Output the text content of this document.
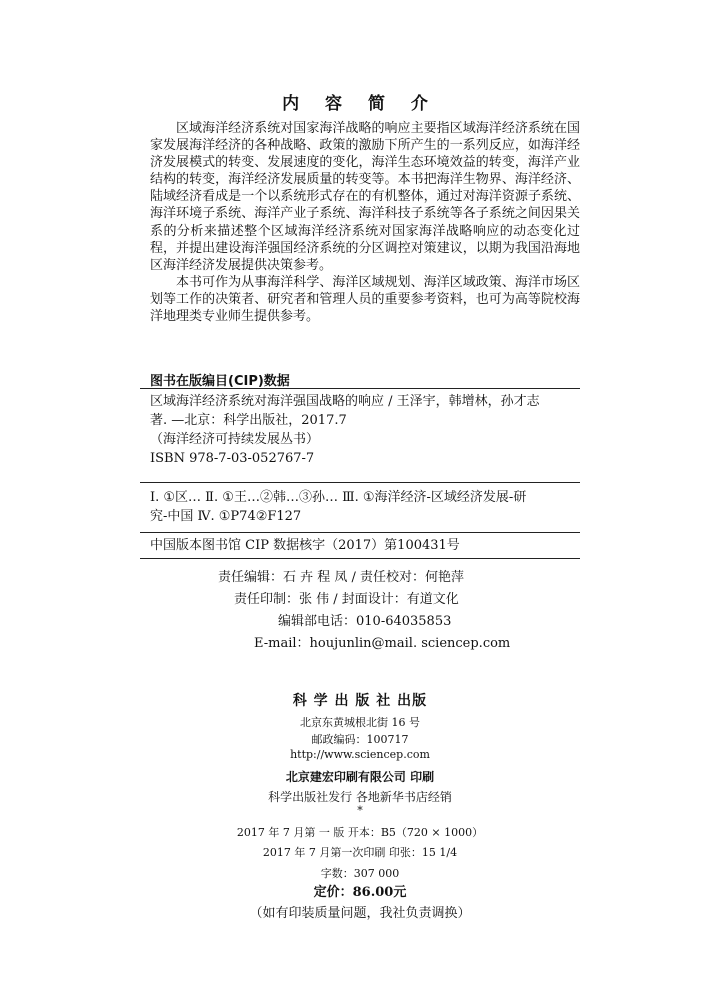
内 容 简 介

区域海洋经济系统对国家海洋战略的响应主要指区域海洋经济系统在国家发展海洋经济的各种战略、政策的激励下所产生的一系列反应，如海洋经济发展模式的转变、发展速度的变化，海洋生态环境效益的转变，海洋产业结构的转变，海洋经济发展质量的转变等。本书把海洋生物界、海洋经济、陆域经济看成是一个以系统形式存在的有机整体，通过对海洋资源子系统、海洋环境子系统、海洋产业子系统、海洋科技子系统等各子系统之间因果关系的分析来描述整个区域海洋经济系统对国家海洋战略响应的动态变化过程，并提出建设海洋强国经济系统的分区调控对策建议，以期为我国沿海地区海洋经济发展提供决策参考。

本书可作为从事海洋科学、海洋区域规划、海洋区域政策、海洋市场区划等工作的决策者、研究者和管理人员的重要参考资料，也可为高等院校海洋地理类专业师生提供参考。

图书在版编目(CIP)数据

区域海洋经济系统对海洋强国战略的响应 / 王泽宇，韩增林，孙才志

著. —北京：科学出版社，2017.7

（海洋经济可持续发展丛书）

ISBN 978-7-03-052767-7

Ⅰ. ①区… Ⅱ. ①王…②韩…③孙… Ⅲ. ①海洋经济-区域经济发展-研

究-中国 Ⅳ. ①P74②F127

中国版本图书馆 CIP 数据核字（2017）第100431号

责任编辑：石 卉 程 凤 / 责任校对：何艳萍
责任印制：张 伟 / 封面设计：有道文化
编辑部电话：010-64035853
E-mail：houjunlin@mail. sciencep.com
科 学 出 版 社 出版
北京东黄城根北街 16 号
邮政编码：100717
http://www.sciencep.com
北京建宏印刷有限公司 印刷
科学出版社发行 各地新华书店经销
*
2017 年 7 月第 一 版 开本：B5（720 × 1000）
2017 年 7 月第一次印刷 印张：15 1/4
字数：307 000
定价：86.00元
（如有印装质量问题，我社负责调换）
